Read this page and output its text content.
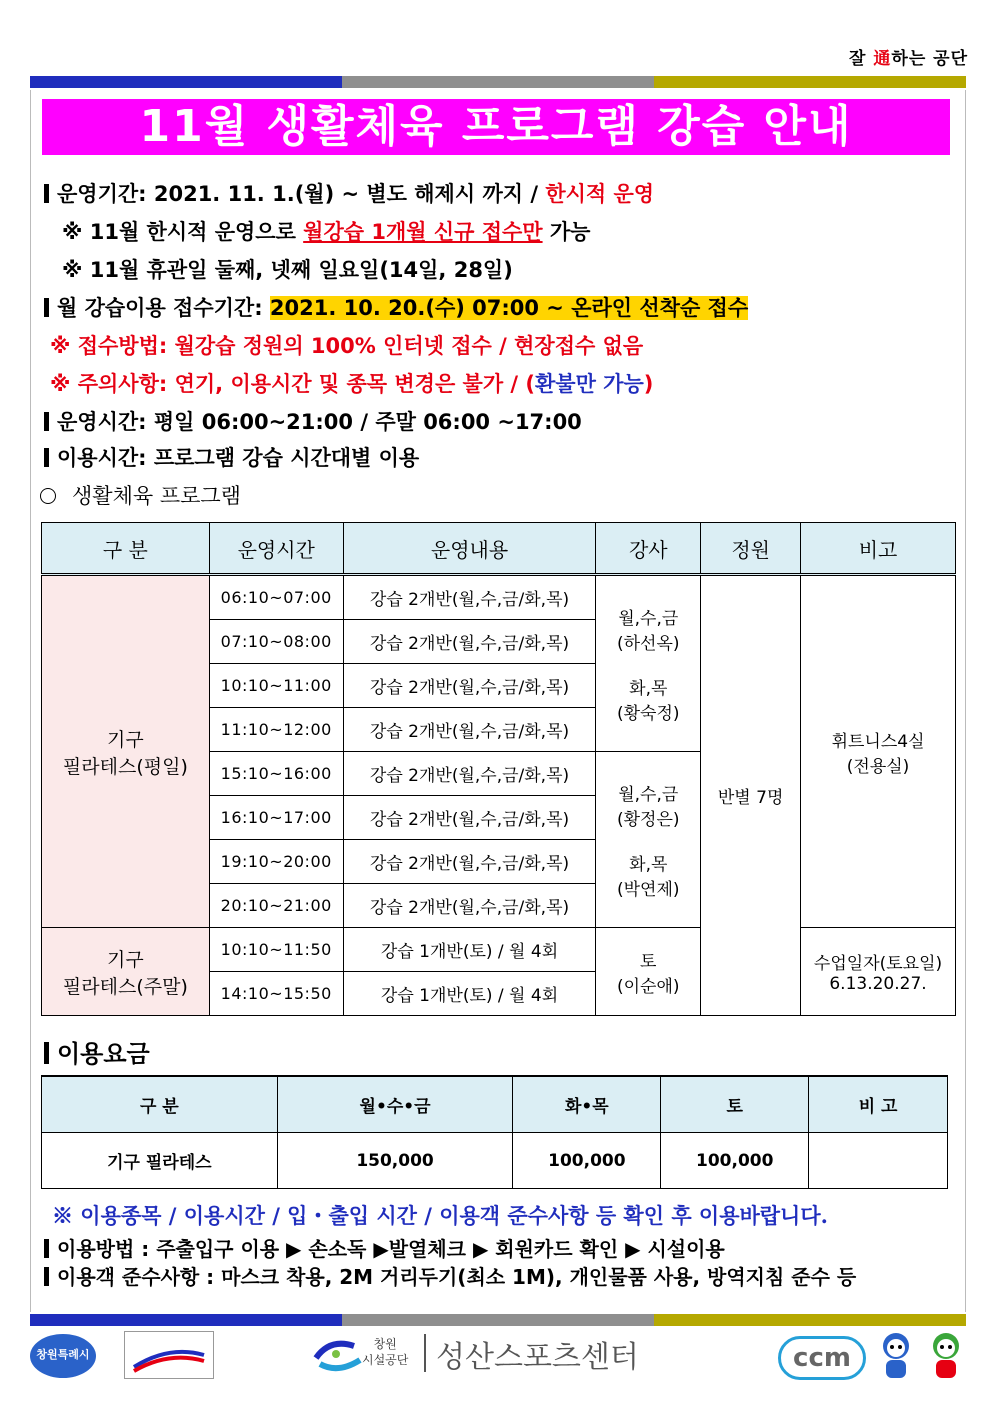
잘 通하는 공단
11월 생활체육 프로그램 강습 안내
운영기간: 2021. 11. 1.(월) ~ 별도 해제시 까지 / 한시적 운영
※ 11월 한시적 운영으로 월강습 1개월 신규 접수만 가능
※ 11월 휴관일 둘째, 넷째 일요일(14일, 28일)
월 강습이용 접수기간: 2021. 10. 20.(수) 07:00 ~ 온라인 선착순 접수
※ 접수방법: 월강습 정원의 100% 인터넷 접수 / 현장접수 없음
※ 주의사항: 연기, 이용시간 및 종목 변경은 불가 / (환불만 가능)
운영시간: 평일 06:00~21:00 / 주말 06:00 ~17:00
이용시간: 프로그램 강습 시간대별 이용
생활체육 프로그램
구 분	운영시간	운영내용	강사	정원	비고
기구
필라테스(평일)	06:10~07:00	강습 2개반(월,수,금/화,목)	월,수,금
(하선옥)

화,목
(황숙정)	반별 7명	휘트니스4실
(전용실)
	07:10~08:00	강습 2개반(월,수,금/화,목)			
	10:10~11:00	강습 2개반(월,수,금/화,목)			
	11:10~12:00	강습 2개반(월,수,금/화,목)			
	15:10~16:00	강습 2개반(월,수,금/화,목)	월,수,금
(황정은)

화,목
(박연제)		
	16:10~17:00	강습 2개반(월,수,금/화,목)			
	19:10~20:00	강습 2개반(월,수,금/화,목)			
	20:10~21:00	강습 2개반(월,수,금/화,목)			
기구
필라테스(주말)	10:10~11:50	강습 1개반(토) / 월 4회	토
(이순애)		수업일자(토요일)
6.13.20.27.
	14:10~15:50	강습 1개반(토) / 월 4회			
이용요금
구 분	월•수•금	화•목	토	비 고
기구 필라테스	150,000	100,000	100,000	
※ 이용종목 / 이용시간 / 입・출입 시간 / 이용객 준수사항 등 확인 후 이용바랍니다.
이용방법 : 주출입구 이용 ▶ 손소독 ▶발열체크 ▶ 회원카드 확인 ▶ 시설이용
이용객 준수사항 : 마스크 착용, 2M 거리두기(최소 1M), 개인물품 사용, 방역지침 준수 등
창원특례시
창원
시설공단 성산스포츠센터	ccm
